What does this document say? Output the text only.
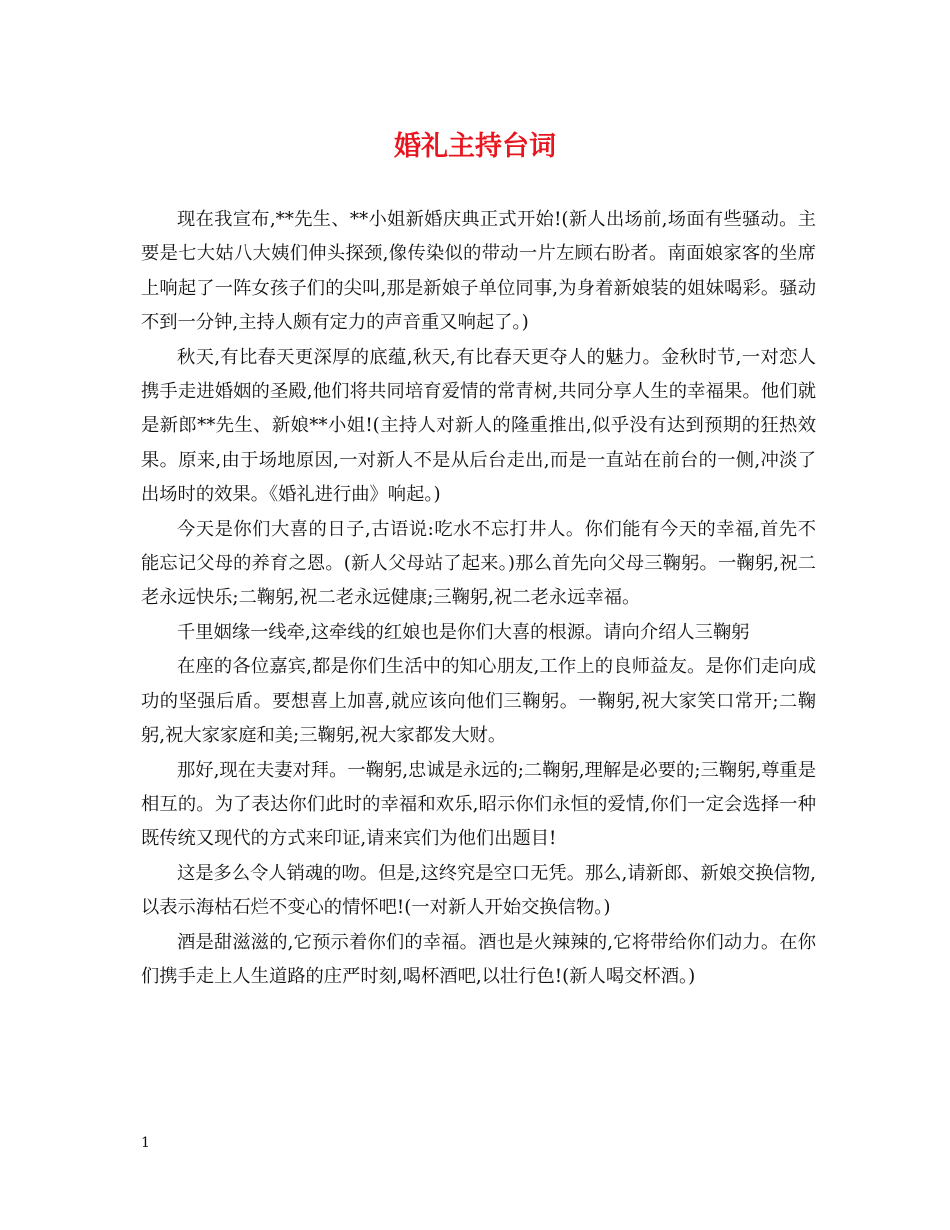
婚礼主持台词

现在我宣布,**先生、**小姐新婚庆典正式开始!(新人出场前,场面有些骚动。主要是七大姑八大姨们伸头探颈,像传染似的带动一片左顾右盼者。南面娘家客的坐席上响起了一阵女孩子们的尖叫,那是新娘子单位同事,为身着新娘装的姐妹喝彩。骚动不到一分钟,主持人颇有定力的声音重又响起了。)

秋天,有比春天更深厚的底蕴,秋天,有比春天更夺人的魅力。金秋时节,一对恋人携手走进婚姻的圣殿,他们将共同培育爱情的常青树,共同分享人生的幸福果。他们就是新郎**先生、新娘**小姐!(主持人对新人的隆重推出,似乎没有达到预期的狂热效果。原来,由于场地原因,一对新人不是从后台走出,而是一直站在前台的一侧,冲淡了出场时的效果。《婚礼进行曲》响起。)

今天是你们大喜的日子,古语说:吃水不忘打井人。你们能有今天的幸福,首先不能忘记父母的养育之恩。(新人父母站了起来。)那么首先向父母三鞠躬。一鞠躬,祝二老永远快乐;二鞠躬,祝二老永远健康;三鞠躬,祝二老永远幸福。

千里姻缘一线牵,这牵线的红娘也是你们大喜的根源。请向介绍人三鞠躬

在座的各位嘉宾,都是你们生活中的知心朋友,工作上的良师益友。是你们走向成功的坚强后盾。要想喜上加喜,就应该向他们三鞠躬。一鞠躬,祝大家笑口常开;二鞠躬,祝大家家庭和美;三鞠躬,祝大家都发大财。

那好,现在夫妻对拜。一鞠躬,忠诚是永远的;二鞠躬,理解是必要的;三鞠躬,尊重是相互的。为了表达你们此时的幸福和欢乐,昭示你们永恒的爱情,你们一定会选择一种既传统又现代的方式来印证,请来宾们为他们出题目!

这是多么令人销魂的吻。但是,这终究是空口无凭。那么,请新郎、新娘交换信物,以表示海枯石烂不变心的情怀吧!(一对新人开始交换信物。)

酒是甜滋滋的,它预示着你们的幸福。酒也是火辣辣的,它将带给你们动力。在你们携手走上人生道路的庄严时刻,喝杯酒吧,以壮行色!(新人喝交杯酒。)

1
